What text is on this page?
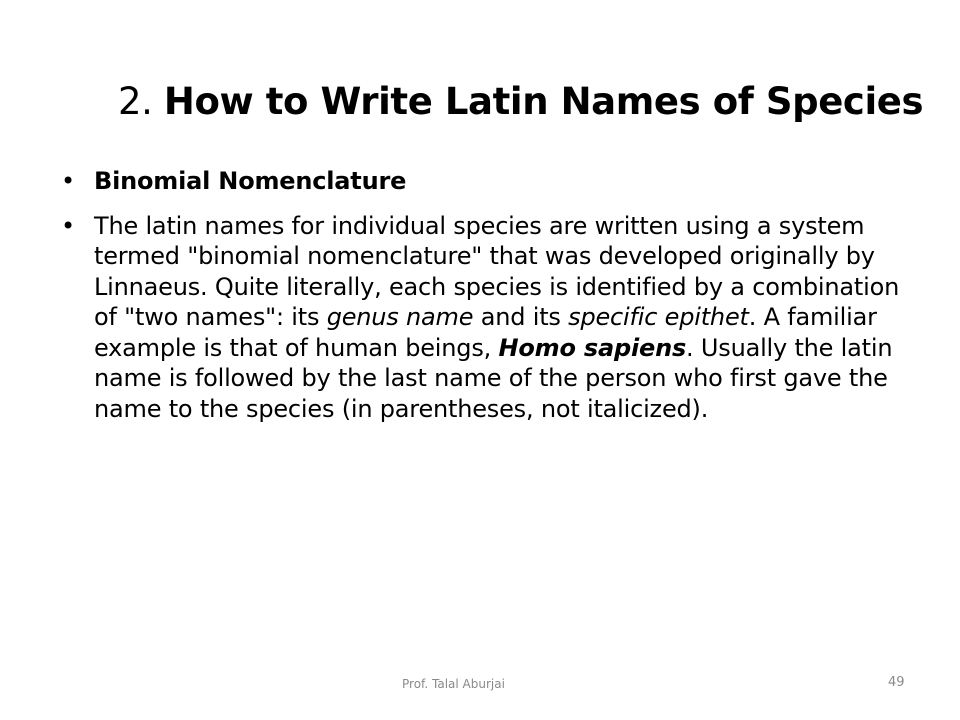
2. How to Write Latin Names of Species
• Binomial Nomenclature
• The latin names for individual species are written using a system termed "binomial nomenclature" that was developed originally by Linnaeus. Quite literally, each species is identified by a combination of "two names": its genus name and its specific epithet. A familiar example is that of human beings, Homo sapiens. Usually the latin name is followed by the last name of the person who first gave the name to the species (in parentheses, not italicized).
Prof. Talal Aburjai	49
